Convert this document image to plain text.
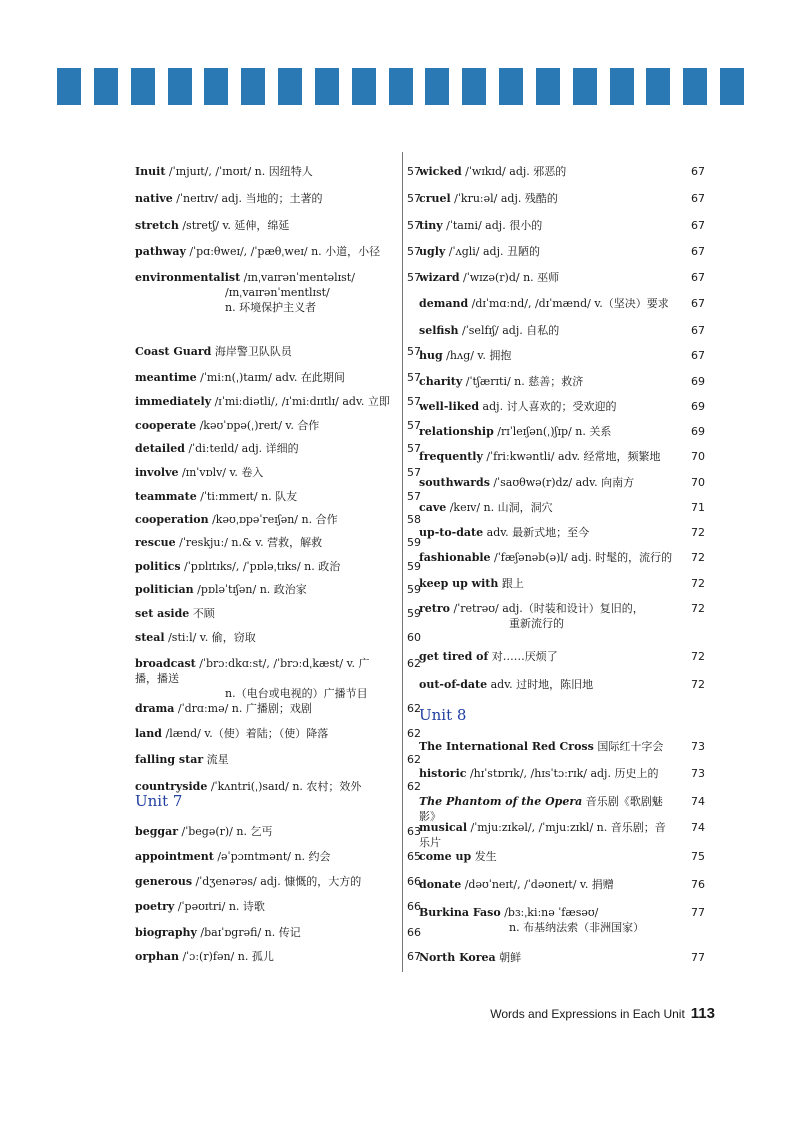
Inuit /ˈɪnjuɪt/, /ˈɪnʊɪt/ n. 因纽特人	57
native /ˈneɪtɪv/ adj. 当地的；土著的	57
stretch /stretʃ/ v. 延伸，绵延	57
pathway /ˈpɑːθweɪ/, /ˈpæθˌweɪ/ n. 小道，小径 57
environmentalist /ɪnˌvaɪrənˈmentəlɪst/
/ɪnˌvaɪrənˈmentlɪst/
n. 环境保护主义者
57
Coast Guard 海岸警卫队队员	57
meantime /ˈmiːn(ˌ)taɪm/ adv. 在此期间	57
immediately /ɪˈmiːdiətli/, /ɪˈmiːdɪɪtlɪ/ adv. 立即 57
cooperate /kəʊˈɒpə(ˌ)reɪt/ v. 合作	57
detailed /ˈdiːteɪld/ adj. 详细的	57
involve /ɪnˈvɒlv/ v. 卷入	57
teammate /ˈtiːmmeɪt/ n. 队友	57
cooperation /kəʊˌɒpəˈreɪʃən/ n. 合作	58
rescue /ˈreskjuː/ n.& v. 营救，解救	59
politics /ˈpɒlɪtɪks/, /ˈpɒləˌtɪks/ n. 政治	59
politician /pɒləˈtɪʃən/ n. 政治家	59
set aside 不顾	59
steal /stiːl/ v. 偷，窃取	60
broadcast /ˈbrɔːdkɑːst/, /ˈbrɔːdˌkæst/ v. 广播，播送
n.（电台或电视的）广播节目
62
drama /ˈdrɑːmə/ n. 广播剧；戏剧	62
land /lænd/ v.（使）着陆；（使）降落	62
falling star 流星	62
countryside /ˈkʌntri(ˌ)saɪd/ n. 农村；效外	62
Unit 7
beggar /ˈbegə(r)/ n. 乞丐	63
appointment /əˈpɔɪntmənt/ n. 约会	65
generous /ˈdʒenərəs/ adj. 慷慨的，大方的	66
poetry /ˈpəʊɪtri/ n. 诗歌	66
biography /baɪˈɒgrəfi/ n. 传记	66
orphan /ˈɔː(r)fən/ n. 孤儿	67
wicked /ˈwɪkɪd/ adj. 邪恶的	67
cruel /ˈkruːəl/ adj. 残酷的	67
tiny /ˈtaɪni/ adj. 很小的	67
ugly /ˈʌgli/ adj. 丑陋的	67
wizard /ˈwɪzə(r)d/ n. 巫师	67
demand /dɪˈmɑːnd/, /dɪˈmænd/ v.（坚决）要求 67
selfish /ˈselfɪʃ/ adj. 自私的	67
hug /hʌg/ v. 拥抱	67
charity /ˈtʃærɪti/ n. 慈善；救济	69
well-liked adj. 讨人喜欢的；受欢迎的	69
relationship /rɪˈleɪʃən(ˌ)ʃɪp/ n. 关系	69
frequently /ˈfriːkwəntli/ adv. 经常地，频繁地	70
southwards /ˈsaʊθwə(r)dz/ adv. 向南方	70
cave /keɪv/ n. 山洞，洞穴	71
up-to-date adv. 最新式地；至今	72
fashionable /ˈfæʃənəb(ə)l/ adj. 时髦的，流行的 72
keep up with 跟上	72
retro /ˈretrəʊ/ adj.（时装和设计）复旧的，
重新流行的
72
get tired of 对……厌烦了	72
out-of-date adv. 过时地，陈旧地	72
Unit 8
The International Red Cross 国际红十字会	73
historic /hɪˈstɒrɪk/, /hɪsˈtɔːrɪk/ adj. 历史上的	73
The Phantom of the Opera 音乐剧《歌剧魅影》
74
musical /ˈmjuːzɪkəl/, /ˈmjuːzɪkl/ n. 音乐剧；音乐片
74
come up 发生	75
donate /dəʊˈneɪt/, /ˈdəʊneɪt/ v. 捐赠	76
Burkina Faso /bɜːˌkiːnə ˈfæsəʊ/
n. 布基纳法索（非洲国家）
77
North Korea 朝鲜	77
Words and Expressions in Each Unit 113
